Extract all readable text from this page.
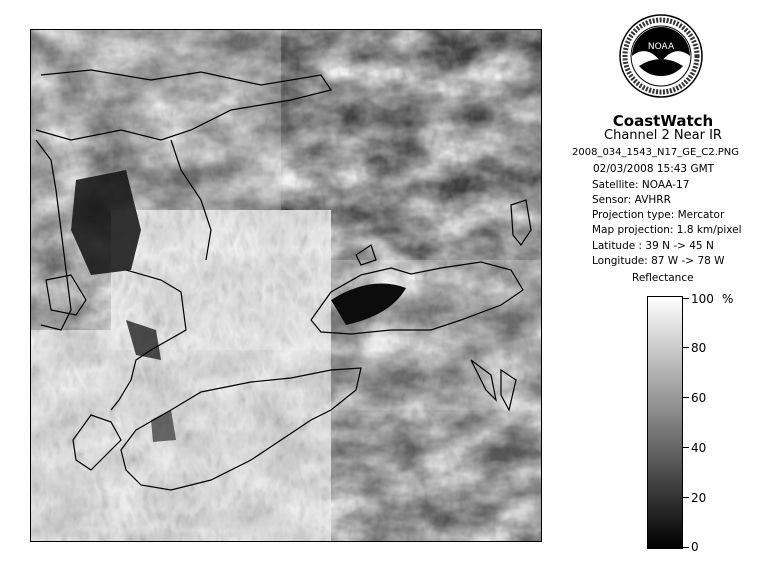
NOAA
CoastWatch
Channel 2 Near IR
2008_034_1543_N17_GE_C2.PNG
02/03/2008 15:43 GMT
Satellite: NOAA-17
Sensor: AVHRR
Projection type: Mercator
Map projection: 1.8 km/pixel
Latitude : 39 N -> 45 N
Longitude: 87 W -> 78 W
Reflectance
%
100
80
60
40
20
0
